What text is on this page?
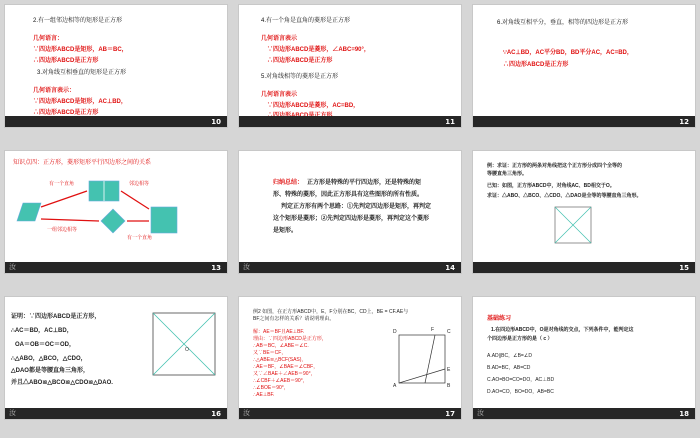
2.有一组邻边相等的矩形是正方形
几何语言：
∵四边形ABCD是矩形，AB＝BC，
∴四边形ABCD是正方形
3.对角线互相垂直的矩形是正方形
几何语言表示：
∵四边形ABCD是矩形，AC⊥BD，
∴四边形ABCD是正方形
10
4.有一个角是直角的菱形是正方形
几何语言表示
∵四边形ABCD是菱形，∠ABC=90°，
∴四边形ABCD是正方形
5.对角线相等的菱形是正方形
几何语言表示
∵四边形ABCD是菱形，AC=BD，
11
6.对角线互相平分，垂直，相等的四边形是正方形
∵AC⊥BD，AC平分BD，BD平分AC，AC=BD，
∴四边形ABCD是正方形
12
知识点四：正方形，菱形矩形平行四边形之间的关系
有一个直角	邻边相等
一组邻边相等
有一个直角
汝	13
归纳总结： 正方形是特殊的平行四边形，还是特殊的矩
形、特殊的菱形，因此正方形具有这些图形的所有性质。
判定正方形有两个思路：①先判定四边形是矩形，再判定
这个矩形是菱形；②先判定四边形是菱形，再判定这个菱形
是矩形。
汝	14
例：求证：正方形的两条对角线把这个正方形分成四个全等的
等腰直角三角形。
已知：如图，正方形ABCD中，对角线AC、BD相交于O。
求证：△ABO、△BCO、△CDO、△DAO是全等的等腰直角三角形。
15
证明：∵四边形ABCD是正方形，
∴AC＝BD，AC⊥BD，
OA＝OB＝OC＝OD，
∴△ABO，△BCO，△CDO，
△DAO都是等腰直角三角形，
并且△ABO≌△BCO≌△CDO≌△DAO.
O
汝	16
例2 如图，在正方形ABCD中，E，F分别在BC，CD上，BE = CF.AE与
BF之间有怎样的关系？请说明理由。
解：AE＝BF且AE⊥BF.
理由：∵四边形ABCD是正方形，
∴AB＝BC，∠ABE＝∠C.
又∵BE＝CF，
∴△ABE≌△BCF(SAS)，
∴AE＝BF，∠BAE＝∠CBF，
又∵∠BAE＋∠AEB＝90°，
∴∠CBF＋∠AEB＝90°，
∴∠BOE＝90°，
∴AE⊥BF.
D	F	C
A	B
E
汝	17
基础练习
1.在四边形ABCD中，O是对角线的交点，下列条件中，能判定这
个四边形是正方形的是（ c ）
A.AD∥BC，∠B=∠D
B.AD=BC，AB=CD
C.AO=BO=CO=DO，AC⊥BD
D.AO=CO，BO=DO，AB=BC
汝	18
